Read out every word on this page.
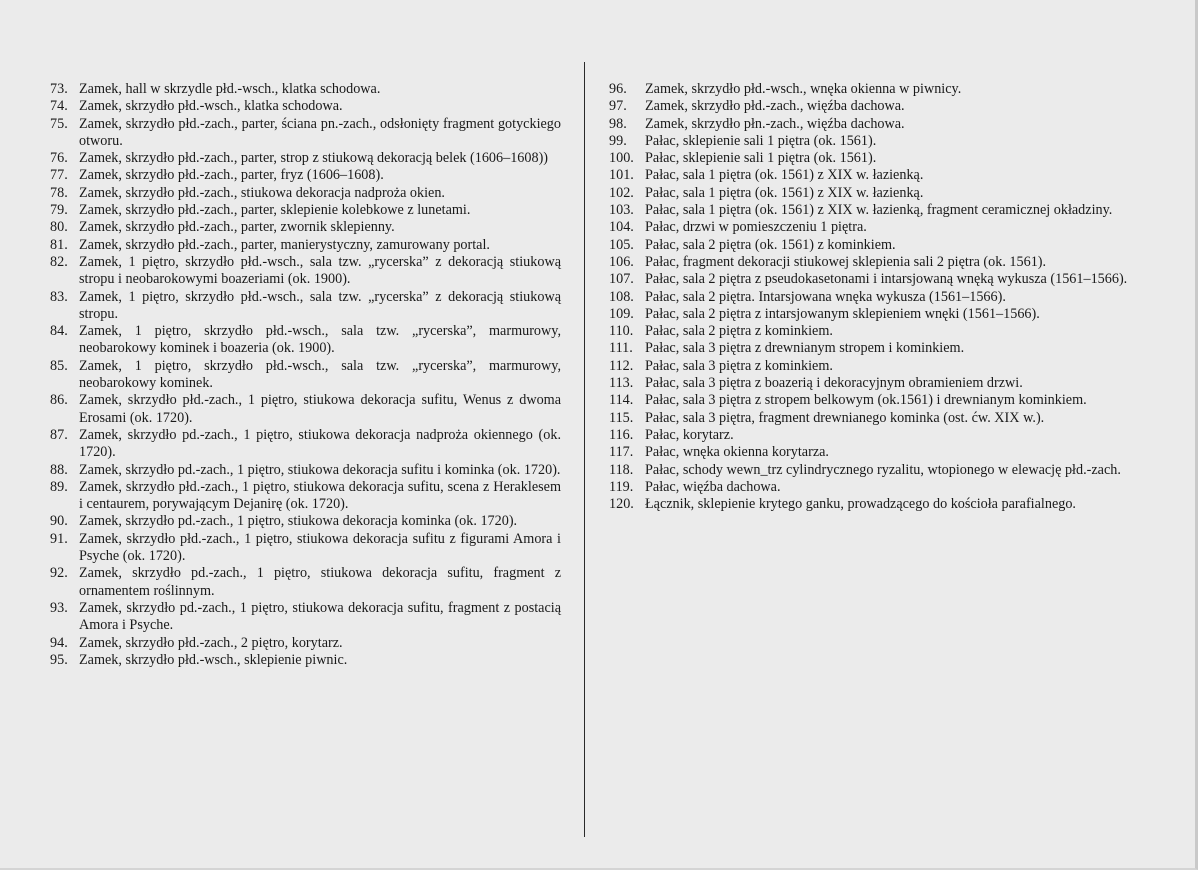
73. Zamek, hall w skrzydle płd.-wsch., klatka schodowa.
74. Zamek, skrzydło płd.-wsch., klatka schodowa.
75. Zamek, skrzydło płd.-zach., parter, ściana pn.-zach., odsłonięty fragment gotyckiego otworu.
76. Zamek, skrzydło płd.-zach., parter, strop z stiukową dekoracją belek (1606–1608))
77. Zamek, skrzydło płd.-zach., parter, fryz (1606–1608).
78. Zamek, skrzydło płd.-zach., stiukowa dekoracja nadproża okien.
79. Zamek, skrzydło płd.-zach., parter, sklepienie kolebkowe z lunetami.
80. Zamek, skrzydło płd.-zach., parter, zwornik sklepienny.
81. Zamek, skrzydło płd.-zach., parter, manierystyczny, zamurowany portal.
82. Zamek, 1 piętro, skrzydło płd.-wsch., sala tzw. „rycerska” z dekoracją stiukową stropu i neobarokowymi boazeriami (ok. 1900).
83. Zamek, 1 piętro, skrzydło płd.-wsch., sala tzw. „rycerska” z dekoracją stiukową stropu.
84. Zamek, 1 piętro, skrzydło płd.-wsch., sala tzw. „rycerska”, marmurowy, neobarokowy kominek i boazeria (ok. 1900).
85. Zamek, 1 piętro, skrzydło płd.-wsch., sala tzw. „rycerska”, marmurowy, neobarokowy kominek.
86. Zamek, skrzydło płd.-zach., 1 piętro, stiukowa dekoracja sufitu, Wenus z dwoma Erosami (ok. 1720).
87. Zamek, skrzydło pd.-zach., 1 piętro, stiukowa dekoracja nadproża okiennego (ok. 1720).
88. Zamek, skrzydło pd.-zach., 1 piętro, stiukowa dekoracja sufitu i kominka (ok. 1720).
89. Zamek, skrzydło płd.-zach., 1 piętro, stiukowa dekoracja sufitu, scena z Heraklesem i centaurem, porywającym Dejanirę (ok. 1720).
90. Zamek, skrzydło pd.-zach., 1 piętro, stiukowa dekoracja kominka (ok. 1720).
91. Zamek, skrzydło płd.-zach., 1 piętro, stiukowa dekoracja sufitu z figurami Amora i Psyche (ok. 1720).
92. Zamek, skrzydło pd.-zach., 1 piętro, stiukowa dekoracja sufitu, fragment z ornamentem roślinnym.
93. Zamek, skrzydło pd.-zach., 1 piętro, stiukowa dekoracja sufitu, fragment z postacią Amora i Psyche.
94. Zamek, skrzydło płd.-zach., 2 piętro, korytarz.
95. Zamek, skrzydło płd.-wsch., sklepienie piwnic.
96.	Zamek, skrzydło płd.-wsch., wnęka okienna w piwnicy.
97.	Zamek, skrzydło płd.-zach., więźba dachowa.
98.	Zamek, skrzydło płn.-zach., więźba dachowa.
99.	Pałac, sklepienie sali 1 piętra (ok. 1561).
100. Pałac, sklepienie sali 1 piętra (ok. 1561).
101. Pałac, sala 1 piętra (ok. 1561) z XIX w. łazienką.
102. Pałac, sala 1 piętra (ok. 1561) z XIX w. łazienką.
103. Pałac, sala 1 piętra (ok. 1561) z XIX w. łazienką, fragment ceramicznej okładziny.
104. Pałac, drzwi w pomieszczeniu 1 piętra.
105. Pałac, sala 2 piętra (ok. 1561) z kominkiem.
106. Pałac, fragment dekoracji stiukowej sklepienia sali 2 piętra (ok. 1561).
107. Pałac, sala 2 piętra z pseudokasetonami i intarsjowaną wnęką wykusza (1561–1566).
108. Pałac, sala 2 piętra. Intarsjowana wnęka wykusza (1561–1566).
109. Pałac, sala 2 piętra z intarsjowanym sklepieniem wnęki (1561–1566).
110. Pałac, sala 2 piętra z kominkiem.
111. Pałac, sala 3 piętra z drewnianym stropem i kominkiem.
112. Pałac, sala 3 piętra z kominkiem.
113. Pałac, sala 3 piętra z boazerią i dekoracyjnym obramieniem drzwi.
114. Pałac, sala 3 piętra z stropem belkowym (ok.1561) i drewnianym kominkiem.
115. Pałac, sala 3 piętra, fragment drewnianego kominka (ost. ćw. XIX w.).
116. Pałac, korytarz.
117. Pałac, wnęka okienna korytarza.
118. Pałac, schody wewn_trz cylindrycznego ryzalitu, wtopionego w elewację płd.-zach.
119. Pałac, więźba dachowa.
120. Łącznik, sklepienie krytego ganku, prowadzącego do kościoła parafialnego.
